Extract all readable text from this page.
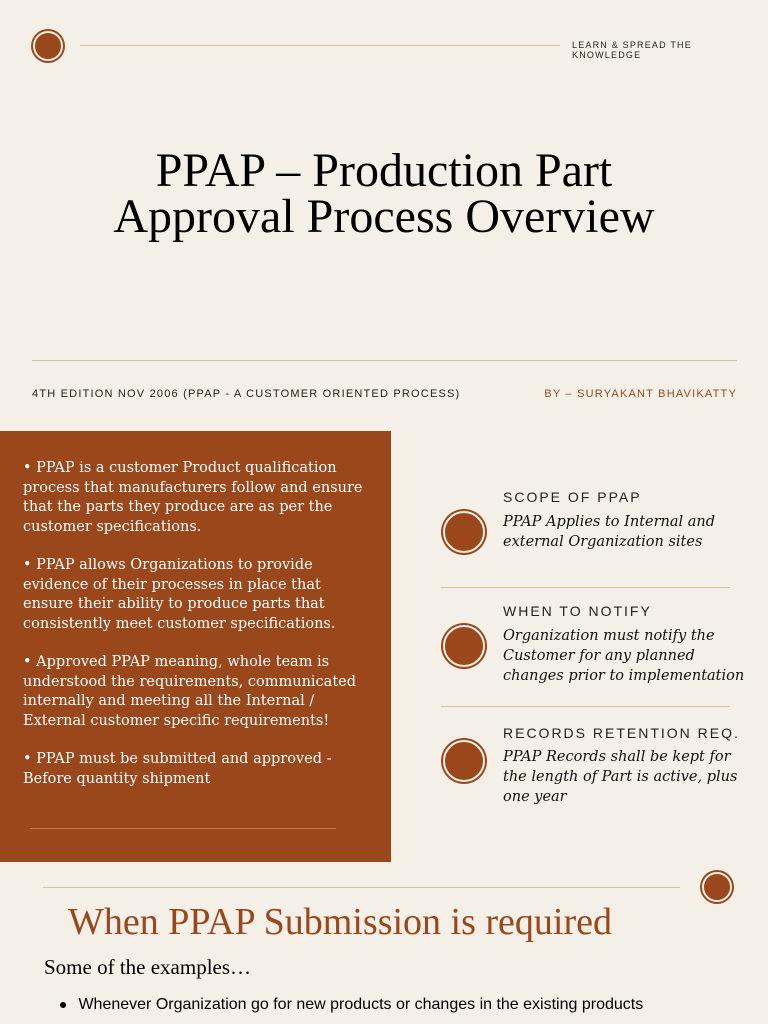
LEARN & SPREAD THE KNOWLEDGE
PPAP – Production Part
Approval Process Overview
4TH EDITION NOV 2006 (PPAP - A CUSTOMER ORIENTED PROCESS)	BY – SURYAKANT BHAVIKATTY

• PPAP is a customer Product qualification process that manufacturers follow and ensure that the parts they produce are as per the customer specifications.

• PPAP allows Organizations to provide evidence of their processes in place that ensure their ability to produce parts that consistently meet customer specifications.

• Approved PPAP meaning, whole team is understood the requirements, communicated internally and meeting all the Internal / External customer specific requirements!

• PPAP must be submitted and approved - Before quantity shipment

SCOPE OF PPAP
PPAP Applies to Internal and external Organization sites
WHEN TO NOTIFY
Organization must notify the Customer for any planned changes prior to implementation
RECORDS RETENTION REQ.
PPAP Records shall be kept for the length of Part is active, plus one year
When PPAP Submission is required
Some of the examples…
Whenever Organization go for new products or changes in the existing products
